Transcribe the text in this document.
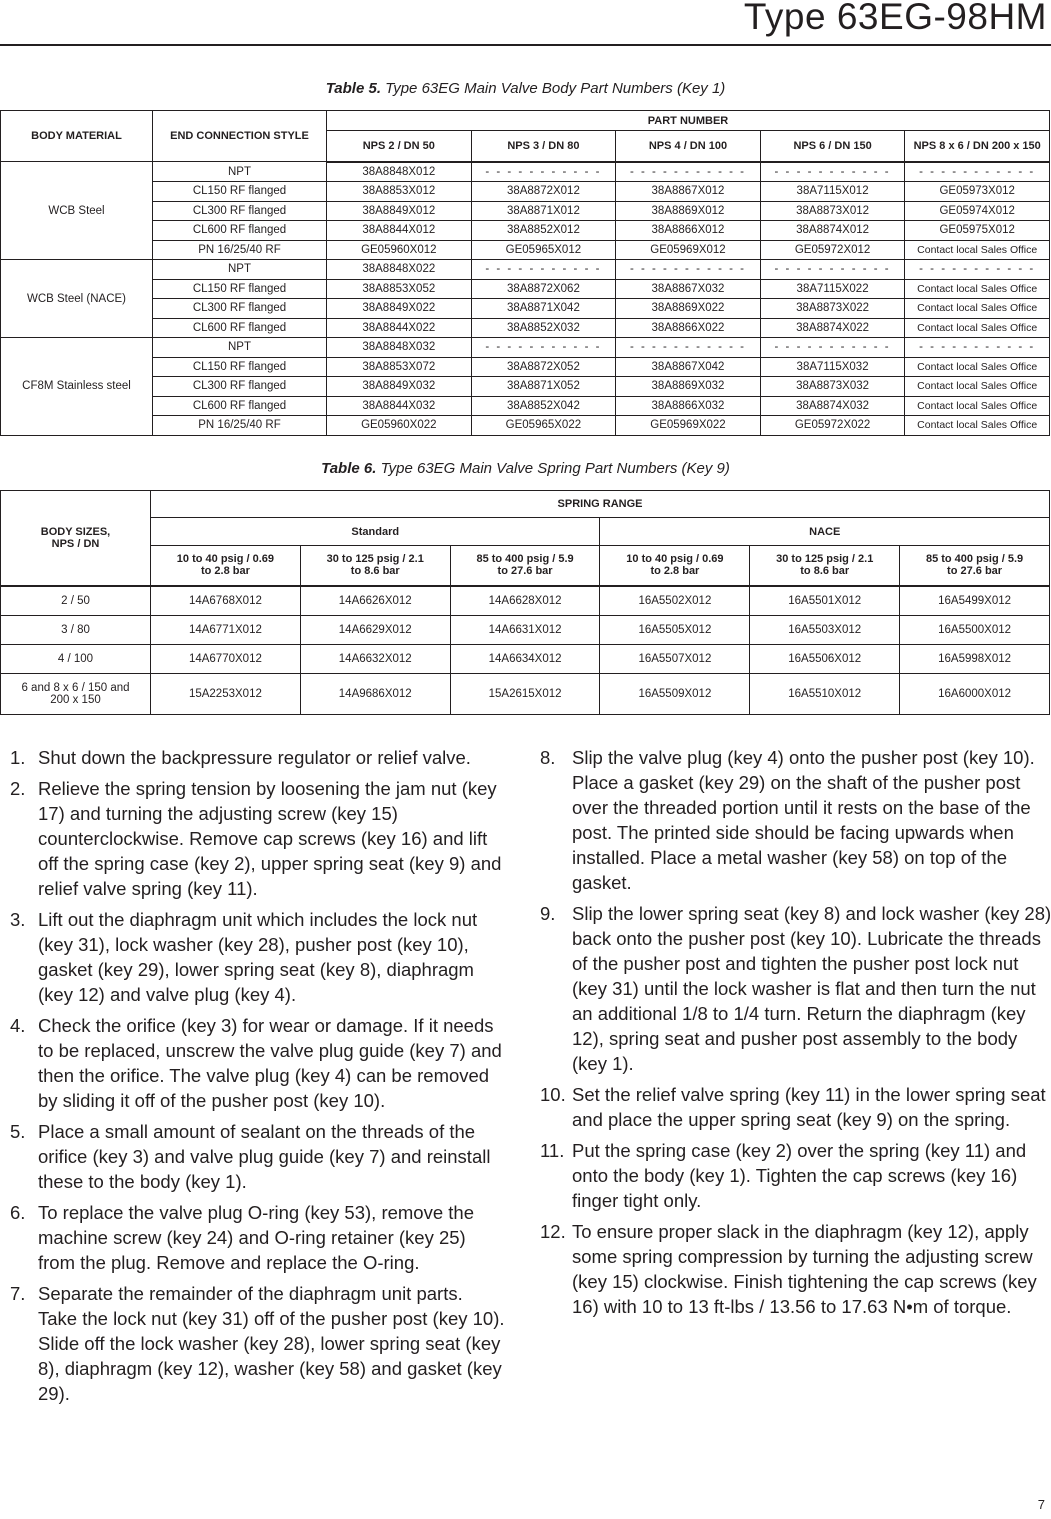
Type 63EG-98HM
Table 5. Type 63EG Main Valve Body Part Numbers (Key 1)
BODY MATERIAL	END CONNECTION STYLE	PART NUMBER				
		NPS 2 / DN 50	NPS 3 / DN 80	NPS 4 / DN 100	NPS 6 / DN 150	NPS 8 x 6 / DN 200 x 150
WCB Steel	NPT	38A8848X012	- - - - - - - - - - -	- - - - - - - - - - -	- - - - - - - - - - -	- - - - - - - - - - -
	CL150 RF flanged	38A8853X012	38A8872X012	38A8867X012	38A7115X012	GE05973X012
	CL300 RF flanged	38A8849X012	38A8871X012	38A8869X012	38A8873X012	GE05974X012
	CL600 RF flanged	38A8844X012	38A8852X012	38A8866X012	38A8874X012	GE05975X012
	PN 16/25/40 RF	GE05960X012	GE05965X012	GE05969X012	GE05972X012	Contact local Sales Office
WCB Steel (NACE)	NPT	38A8848X022	- - - - - - - - - - -	- - - - - - - - - - -	- - - - - - - - - - -	- - - - - - - - - - -
	CL150 RF flanged	38A8853X052	38A8872X062	38A8867X032	38A7115X022	Contact local Sales Office
	CL300 RF flanged	38A8849X022	38A8871X042	38A8869X022	38A8873X022	Contact local Sales Office
	CL600 RF flanged	38A8844X022	38A8852X032	38A8866X022	38A8874X022	Contact local Sales Office
CF8M Stainless steel	NPT	38A8848X032	- - - - - - - - - - -	- - - - - - - - - - -	- - - - - - - - - - -	- - - - - - - - - - -
	CL150 RF flanged	38A8853X072	38A8872X052	38A8867X042	38A7115X032	Contact local Sales Office
	CL300 RF flanged	38A8849X032	38A8871X052	38A8869X032	38A8873X032	Contact local Sales Office
	CL600 RF flanged	38A8844X032	38A8852X042	38A8866X032	38A8874X032	Contact local Sales Office
	PN 16/25/40 RF	GE05960X022	GE05965X022	GE05969X022	GE05972X022	Contact local Sales Office
Table 6. Type 63EG Main Valve Spring Part Numbers (Key 9)
BODY SIZES, NPS / DN	SPRING RANGE					
	Standard			NACE		
	10 to 40 psig / 0.69 to 2.8 bar	30 to 125 psig / 2.1 to 8.6 bar	85 to 400 psig / 5.9 to 27.6 bar	10 to 40 psig / 0.69 to 2.8 bar	30 to 125 psig / 2.1 to 8.6 bar	85 to 400 psig / 5.9 to 27.6 bar
2 / 50	14A6768X012	14A6626X012	14A6628X012	16A5502X012	16A5501X012	16A5499X012
3 / 80	14A6771X012	14A6629X012	14A6631X012	16A5505X012	16A5503X012	16A5500X012
4 / 100	14A6770X012	14A6632X012	14A6634X012	16A5507X012	16A5506X012	16A5998X012
6 and 8 x 6 / 150 and 200 x 150	15A2253X012	14A9686X012	15A2615X012	16A5509X012	16A5510X012	16A6000X012
1. Shut down the backpressure regulator or relief valve.
2. Relieve the spring tension by loosening the jam nut (key 17) and turning the adjusting screw (key 15) counterclockwise. Remove cap screws (key 16) and lift off the spring case (key 2), upper spring seat (key 9) and relief valve spring (key 11).
3. Lift out the diaphragm unit which includes the lock nut (key 31), lock washer (key 28), pusher post (key 10), gasket (key 29), lower spring seat (key 8), diaphragm (key 12) and valve plug (key 4).
4. Check the orifice (key 3) for wear or damage. If it needs to be replaced, unscrew the valve plug guide (key 7) and then the orifice. The valve plug (key 4) can be removed by sliding it off of the pusher post (key 10).
5. Place a small amount of sealant on the threads of the orifice (key 3) and valve plug guide (key 7) and reinstall these to the body (key 1).
6. To replace the valve plug O-ring (key 53), remove the machine screw (key 24) and O-ring retainer (key 25) from the plug. Remove and replace the O-ring.
7. Separate the remainder of the diaphragm unit parts. Take the lock nut (key 31) off of the pusher post (key 10). Slide off the lock washer (key 28), lower spring seat (key 8), diaphragm (key 12), washer (key 58) and gasket (key 29).
8. Slip the valve plug (key 4) onto the pusher post (key 10). Place a gasket (key 29) on the shaft of the pusher post over the threaded portion until it rests on the base of the post. The printed side should be facing upwards when installed. Place a metal washer (key 58) on top of the gasket.
9. Slip the lower spring seat (key 8) and lock washer (key 28) back onto the pusher post (key 10). Lubricate the threads of the pusher post and tighten the pusher post lock nut (key 31) until the lock washer is flat and then turn the nut an additional 1/8 to 1/4 turn. Return the diaphragm (key 12), spring seat and pusher post assembly to the body (key 1).
10. Set the relief valve spring (key 11) in the lower spring seat and place the upper spring seat (key 9) on the spring.
11. Put the spring case (key 2) over the spring (key 11) and onto the body (key 1). Tighten the cap screws (key 16) finger tight only.
12. To ensure proper slack in the diaphragm (key 12), apply some spring compression by turning the adjusting screw (key 15) clockwise. Finish tightening the cap screws (key 16) with 10 to 13 ft-lbs / 13.56 to 17.63 N•m of torque.
7
